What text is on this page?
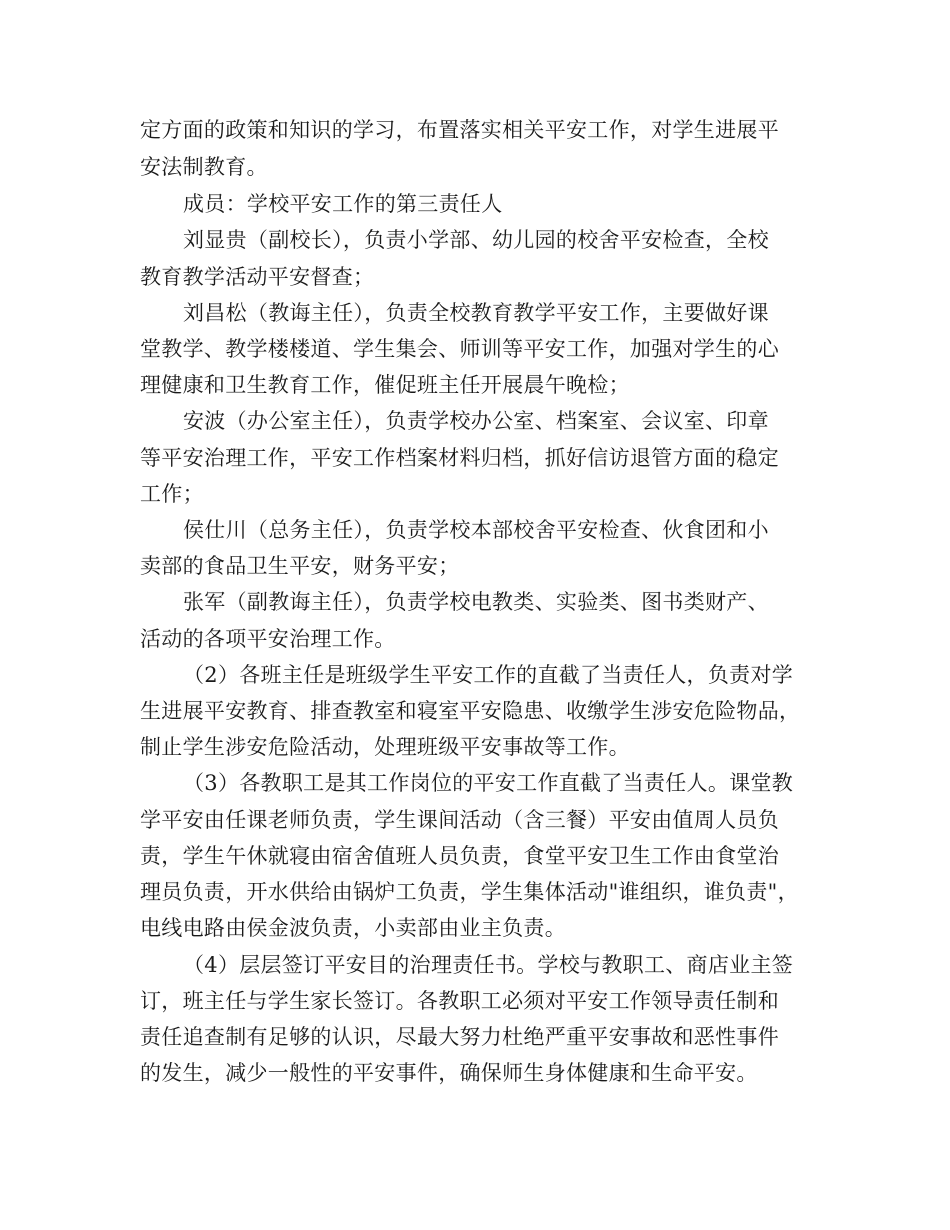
定方面的政策和知识的学习，布置落实相关平安工作，对学生进展平
安法制教育。
成员：学校平安工作的第三责任人
刘显贵（副校长），负责小学部、幼儿园的校舍平安检查，全校
教育教学活动平安督查；
刘昌松（教诲主任），负责全校教育教学平安工作，主要做好课
堂教学、教学楼楼道、学生集会、师训等平安工作，加强对学生的心
理健康和卫生教育工作，催促班主任开展晨午晚检；
安波（办公室主任），负责学校办公室、档案室、会议室、印章
等平安治理工作，平安工作档案材料归档，抓好信访退管方面的稳定
工作；
侯仕川（总务主任），负责学校本部校舍平安检查、伙食团和小
卖部的食品卫生平安，财务平安；
张军（副教诲主任），负责学校电教类、实验类、图书类财产、
活动的各项平安治理工作。
（2）各班主任是班级学生平安工作的直截了当责任人，负责对学
生进展平安教育、排查教室和寝室平安隐患、收缴学生涉安危险物品，
制止学生涉安危险活动，处理班级平安事故等工作。
（3）各教职工是其工作岗位的平安工作直截了当责任人。课堂教
学平安由任课老师负责，学生课间活动（含三餐）平安由值周人员负
责，学生午休就寝由宿舍值班人员负责，食堂平安卫生工作由食堂治
理员负责，开水供给由锅炉工负责，学生集体活动"谁组织，谁负责"，
电线电路由侯金波负责，小卖部由业主负责。
（4）层层签订平安目的治理责任书。学校与教职工、商店业主签
订，班主任与学生家长签订。各教职工必须对平安工作领导责任制和
责任追查制有足够的认识，尽最大努力杜绝严重平安事故和恶性事件
的发生，减少一般性的平安事件，确保师生身体健康和生命平安。
